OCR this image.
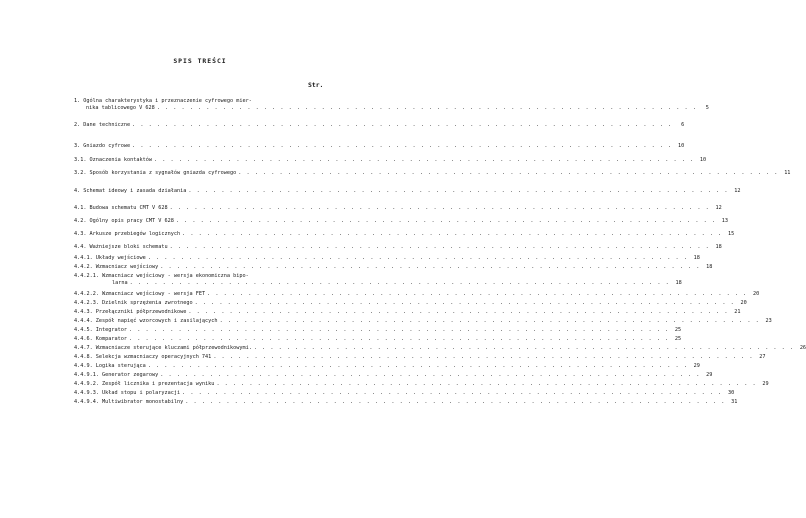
SPIS TREŚCI
Str.
1. Ogólna charakterystyka i przeznaczenie cyfrowego mier-
nika tablicowego V 628 . . .	5
2. Dane techniczne . . .	6
3. Gniazdo cyfrowe . . .	10
3.1. Oznaczenia kontaktów . . .	10
3.2. Sposób korzystania z sygnałów gniazda cyfrowego . . .	11
4. Schemat ideowy i zasada działania . . .	12
4.1. Budowa schematu CMT V 628 . . .	12
4.2. Ogólny opis pracy CMT V 628 . . .	13
4.3. Arkusze przebiegów logicznych . . .	15
4.4. Ważniejsze bloki schematu . . .	18
4.4.1. Układy wejściowe . . .	18
4.4.2. Wzmacniacz wejściowy . . .	18
4.4.2.1. Wzmacniacz wejściowy - wersja ekonomiczna bipo-
larna . . .	18
4.4.2.2. Wzmacniacz wejściowy - wersja FET . . .	20
4.4.2.3. Dzielnik sprzężenia zwrotnego . . .	20
4.4.3. Przełączniki półprzewodnikowe . . .	21
4.4.4. Zespół napięć wzorcowych i zasilających . . .	23
4.4.5. Integrator . . .	25
4.4.6. Komparator . . .	25
4.4.7. Wzmacniacze sterujące kluczami półprzewodnikowymi. . . .	26
4.4.8. Selekcja wzmacniaczy operacyjnych 741 . . .	27
4.4.9. Logika sterująca . . .	29
4.4.9.1. Generator zegarowy . . .	29
4.4.9.2. Zespół licznika i prezentacja wyniku . . .	29
4.4.9.3. Układ stopu i polaryzacji . . .	30
4.4.9.4. Multiwibrator monostabilny . . .	31
